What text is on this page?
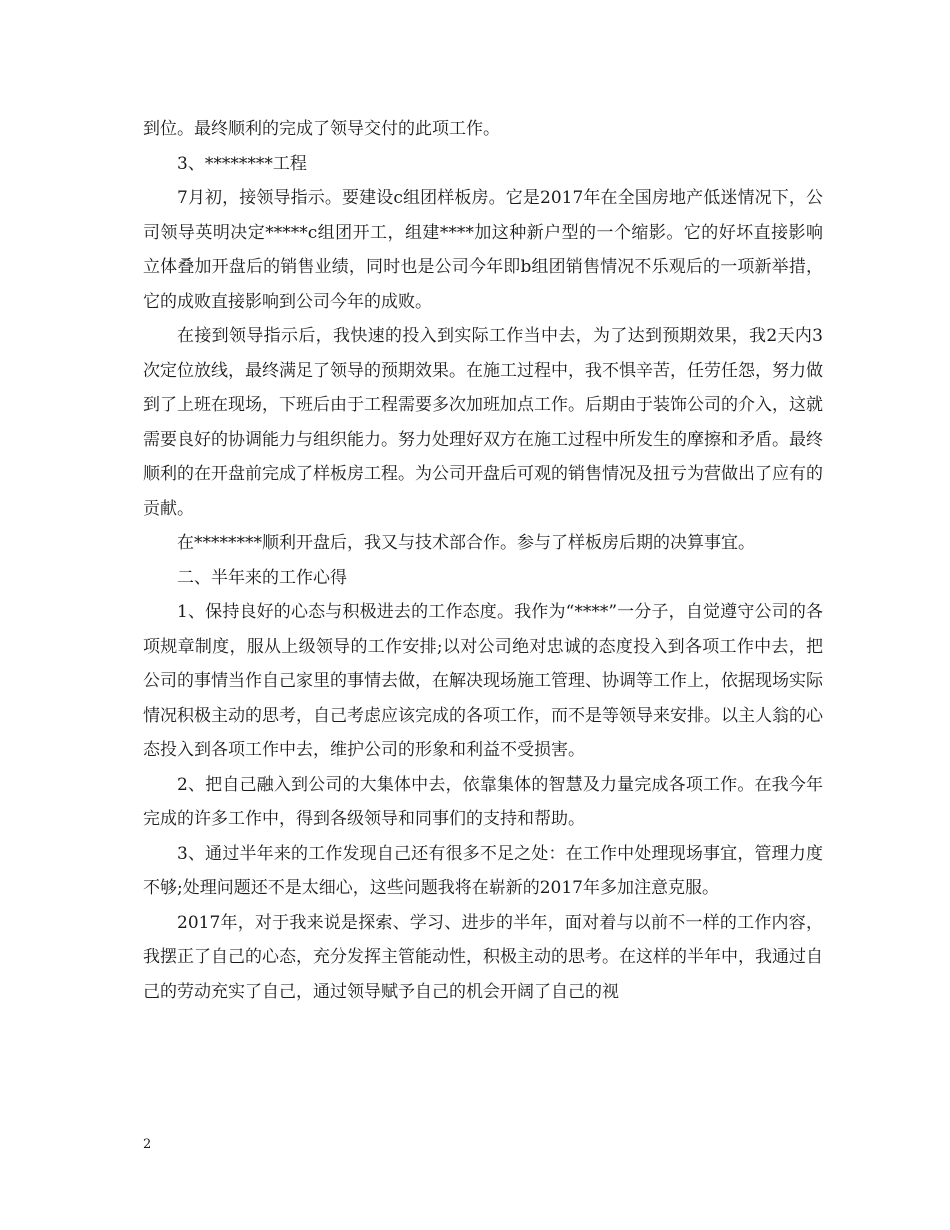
到位。最终顺利的完成了领导交付的此项工作。

3、********工程

7月初，接领导指示。要建设c组团样板房。它是2017年在全国房地产低迷情况下，公司领导英明决定*****c组团开工，组建****加这种新户型的一个缩影。它的好坏直接影响立体叠加开盘后的销售业绩，同时也是公司今年即b组团销售情况不乐观后的一项新举措，它的成败直接影响到公司今年的成败。

在接到领导指示后，我快速的投入到实际工作当中去，为了达到预期效果，我2天内3次定位放线，最终满足了领导的预期效果。在施工过程中，我不惧辛苦，任劳任怨，努力做到了上班在现场，下班后由于工程需要多次加班加点工作。后期由于装饰公司的介入，这就需要良好的协调能力与组织能力。努力处理好双方在施工过程中所发生的摩擦和矛盾。最终顺利的在开盘前完成了样板房工程。为公司开盘后可观的销售情况及扭亏为营做出了应有的贡献。

在********顺利开盘后，我又与技术部合作。参与了样板房后期的决算事宜。

二、半年来的工作心得

1、保持良好的心态与积极进去的工作态度。我作为“****”一分子，自觉遵守公司的各项规章制度，服从上级领导的工作安排;以对公司绝对忠诚的态度投入到各项工作中去，把公司的事情当作自己家里的事情去做，在解决现场施工管理、协调等工作上，依据现场实际情况积极主动的思考，自己考虑应该完成的各项工作，而不是等领导来安排。以主人翁的心态投入到各项工作中去，维护公司的形象和利益不受损害。

2、把自己融入到公司的大集体中去，依靠集体的智慧及力量完成各项工作。在我今年完成的许多工作中，得到各级领导和同事们的支持和帮助。

3、通过半年来的工作发现自己还有很多不足之处：在工作中处理现场事宜，管理力度不够;处理问题还不是太细心，这些问题我将在崭新的2017年多加注意克服。

2017年，对于我来说是探索、学习、进步的半年，面对着与以前不一样的工作内容，我摆正了自己的心态，充分发挥主管能动性，积极主动的思考。在这样的半年中，我通过自己的劳动充实了自己，通过领导赋予自己的机会开阔了自己的视

2
